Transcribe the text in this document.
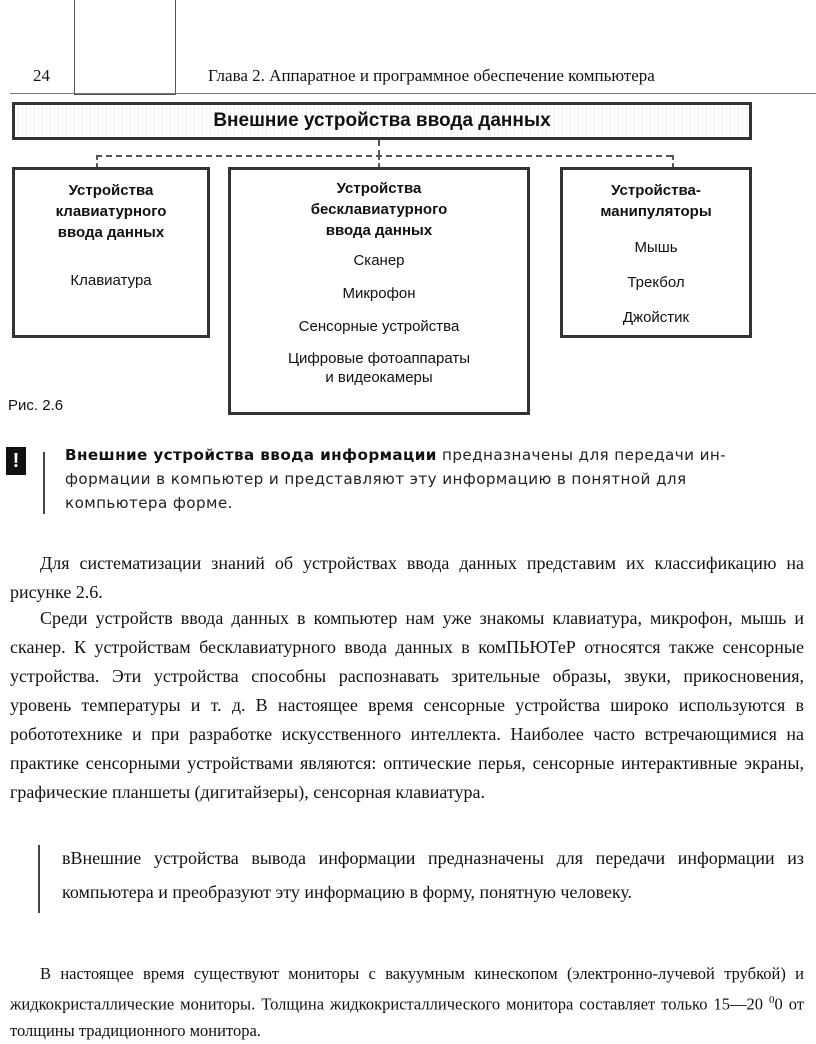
24	Глава 2. Аппаратное и программное обеспечение компьютера
Внешние устройства ввода данных
Устройства
клавиатурного
ввода данных
Клавиатура
Устройства
бесклавиатурного
ввода данных
Сканер
Микрофон
Сенсорные устройства
Цифровые фотоаппараты
и видеокамеры
Устройства-
манипуляторы
Мышь
Трекбол
Джойстик
Рис. 2.6
!	Внешние устройства ввода информации предназначены для передачи информации в компьютер и представляют эту информацию в понятной для компьютера форме.
Для систематизации знаний об устройствах ввода данных представим их классификацию на рисунке 2.6.
Среди устройств ввода данных в компьютер нам уже знакомы клавиатура, микрофон, мышь и сканер. К устройствам бесклавиатурного ввода данных в комПЬЮТеР относятся также сенсорные устройства. Эти устройства способны распознавать зрительные образы, звуки, прикосновения, уровень температуры и т. д. В настоящее время сенсорные устройства широко используются в робототехнике и при разработке искусственного интеллекта. Наиболее часто встречающимися на практике сенсорными устройствами являются: оптические перья, сенсорные интерактивные экраны, графические планшеты (дигитайзеры), сенсорная клавиатура.
вВнешние устройства вывода информации предназначены для передачи информации из компьютера и преобразуют эту информацию в форму, понятную человеку.
В настоящее время существуют мониторы с вакуумным кинескопом (электронно-лучевой трубкой) и жидкокристаллические мониторы. Толщина жидкокристаллического монитора составляет только 15—20 $^0$0 от толщины традиционного монитора.
